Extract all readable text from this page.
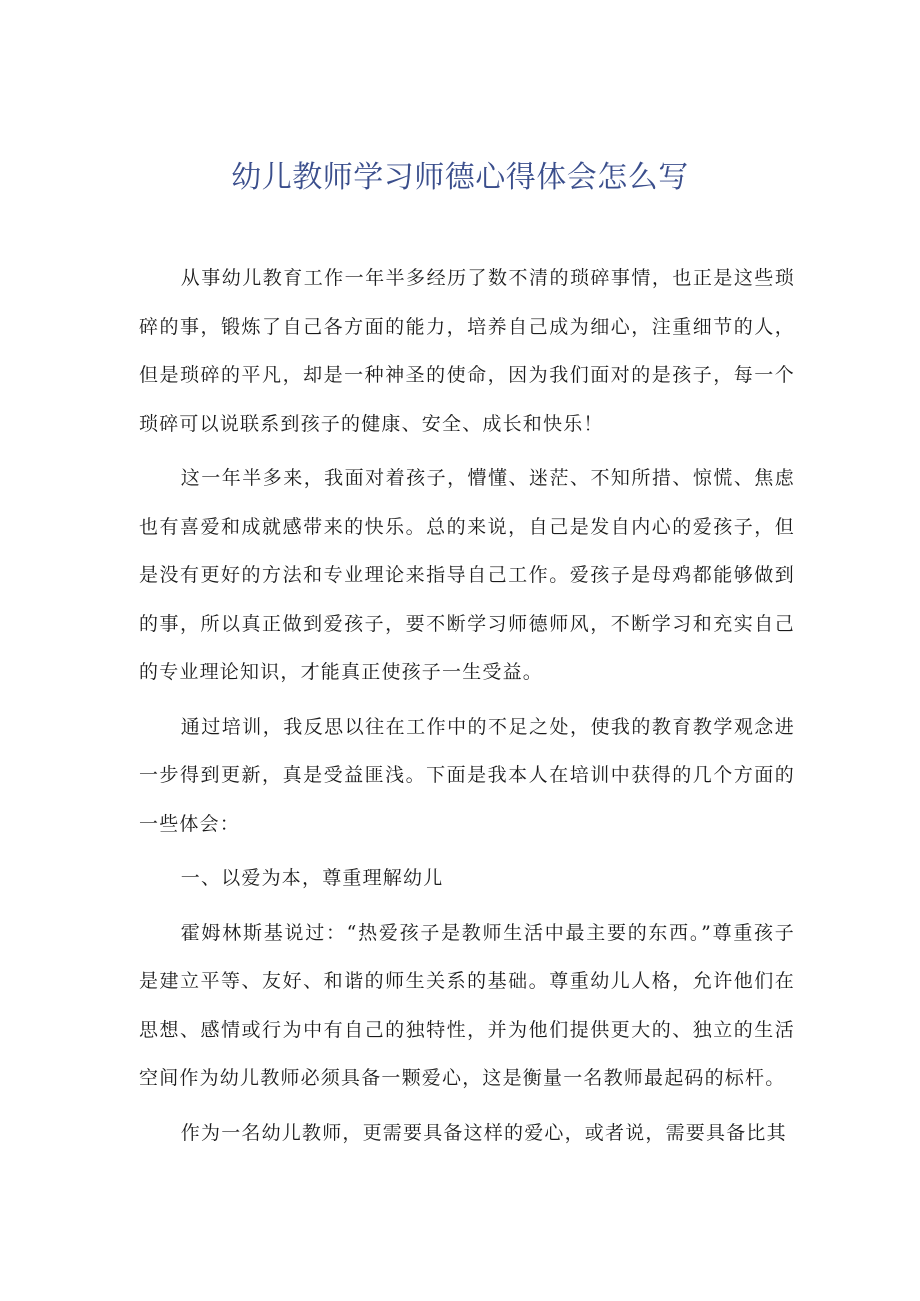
幼儿教师学习师德心得体会怎么写

从事幼儿教育工作一年半多经历了数不清的琐碎事情，也正是这些琐碎的事，锻炼了自己各方面的能力，培养自己成为细心，注重细节的人，但是琐碎的平凡，却是一种神圣的使命，因为我们面对的是孩子，每一个琐碎可以说联系到孩子的健康、安全、成长和快乐！

这一年半多来，我面对着孩子，懵懂、迷茫、不知所措、惊慌、焦虑也有喜爱和成就感带来的快乐。总的来说，自己是发自内心的爱孩子，但是没有更好的方法和专业理论来指导自己工作。爱孩子是母鸡都能够做到的事，所以真正做到爱孩子，要不断学习师德师风，不断学习和充实自己的专业理论知识，才能真正使孩子一生受益。

通过培训，我反思以往在工作中的不足之处，使我的教育教学观念进一步得到更新，真是受益匪浅。下面是我本人在培训中获得的几个方面的一些体会：

一、以爱为本，尊重理解幼儿

霍姆林斯基说过：“热爱孩子是教师生活中最主要的东西。”尊重孩子是建立平等、友好、和谐的师生关系的基础。尊重幼儿人格，允许他们在思想、感情或行为中有自己的独特性，并为他们提供更大的、独立的生活空间作为幼儿教师必须具备一颗爱心，这是衡量一名教师最起码的标杆。

作为一名幼儿教师，更需要具备这样的爱心，或者说，需要具备比其
